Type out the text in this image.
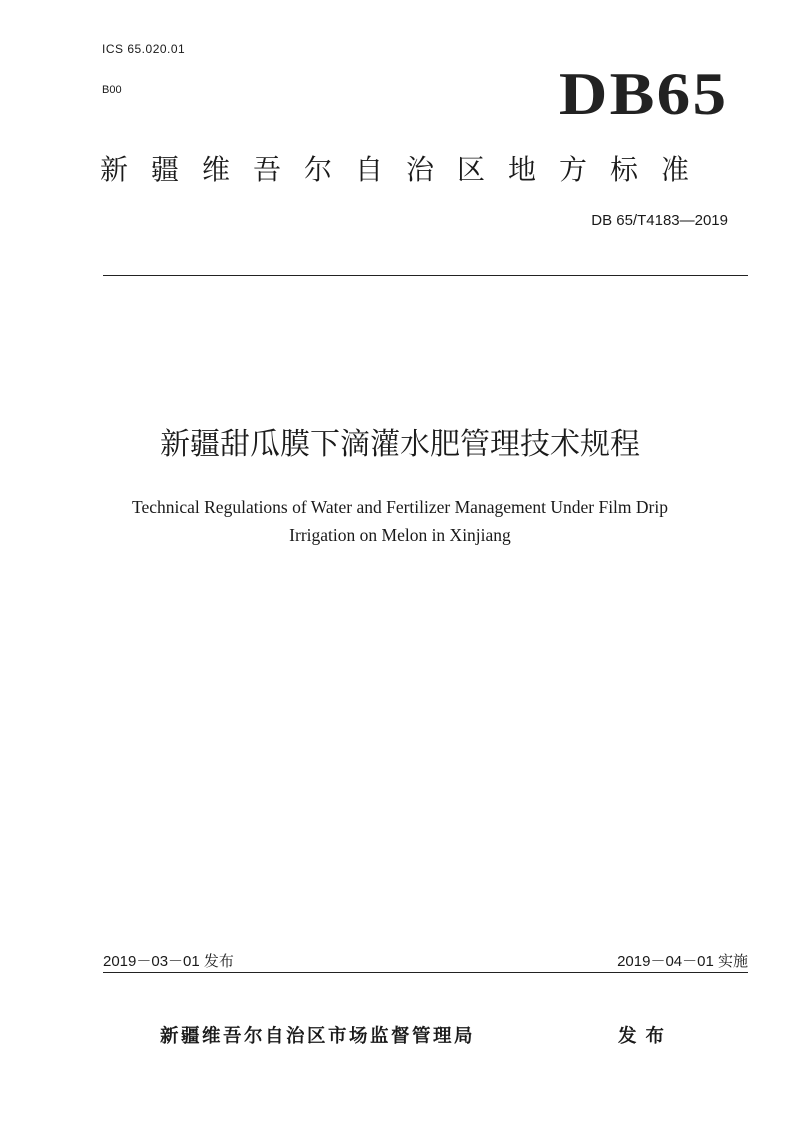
ICS 65.020.01
B00	DB65
新疆维吾尔自治区地方标准
DB 65/T4183—2019
新疆甜瓜膜下滴灌水肥管理技术规程
Technical Regulations of Water and Fertilizer Management Under Film Drip
Irrigation on Melon in Xinjiang
2019－03－01 发布	2019－04－01 实施
新疆维吾尔自治区市场监督管理局	发布
